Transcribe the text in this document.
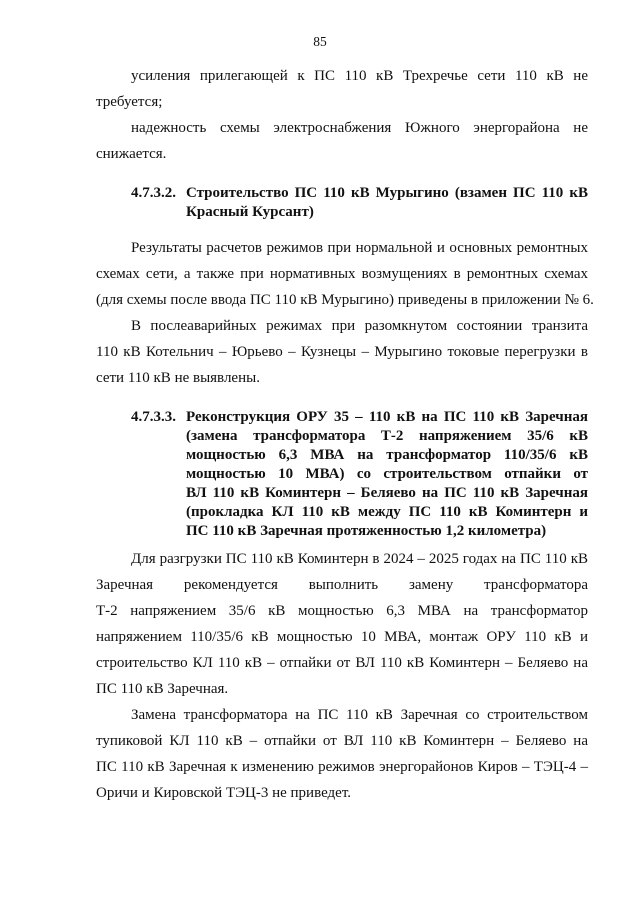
85
усиления прилегающей к ПС 110 кВ Трехречье сети 110 кВ не
требуется;
надежность схемы электроснабжения Южного энергорайона не
снижается.
4.7.3.2. Строительство ПС 110 кВ Мурыгино (взамен ПС 110 кВ
Красный Курсант)
Результаты расчетов режимов при нормальной и основных ремонтных
схемах сети, а также при нормативных возмущениях в ремонтных схемах
(для схемы после ввода ПС 110 кВ Мурыгино) приведены в приложении № 6.
В послеаварийных режимах при разомкнутом состоянии транзита
110 кВ Котельнич – Юрьево – Кузнецы – Мурыгино токовые перегрузки в
сети 110 кВ не выявлены.
4.7.3.3. Реконструкция ОРУ 35 – 110 кВ на ПС 110 кВ Заречная
(замена трансформатора Т-2 напряжением 35/6 кВ
мощностью 6,3 МВА на трансформатор 110/35/6 кВ
мощностью 10 МВА) со строительством отпайки от
ВЛ 110 кВ Коминтерн – Беляево на ПС 110 кВ Заречная
(прокладка КЛ 110 кВ между ПС 110 кВ Коминтерн и
ПС 110 кВ Заречная протяженностью 1,2 километра)
Для разгрузки ПС 110 кВ Коминтерн в 2024 – 2025 годах на ПС 110 кВ
Заречная рекомендуется выполнить замену трансформатора
Т-2 напряжением 35/6 кВ мощностью 6,3 МВА на трансформатор
напряжением 110/35/6 кВ мощностью 10 МВА, монтаж ОРУ 110 кВ и
строительство КЛ 110 кВ – отпайки от ВЛ 110 кВ Коминтерн – Беляево на
ПС 110 кВ Заречная.
Замена трансформатора на ПС 110 кВ Заречная со строительством
тупиковой КЛ 110 кВ – отпайки от ВЛ 110 кВ Коминтерн – Беляево на
ПС 110 кВ Заречная к изменению режимов энергорайонов Киров – ТЭЦ-4 –
Оричи и Кировской ТЭЦ-3 не приведет.
